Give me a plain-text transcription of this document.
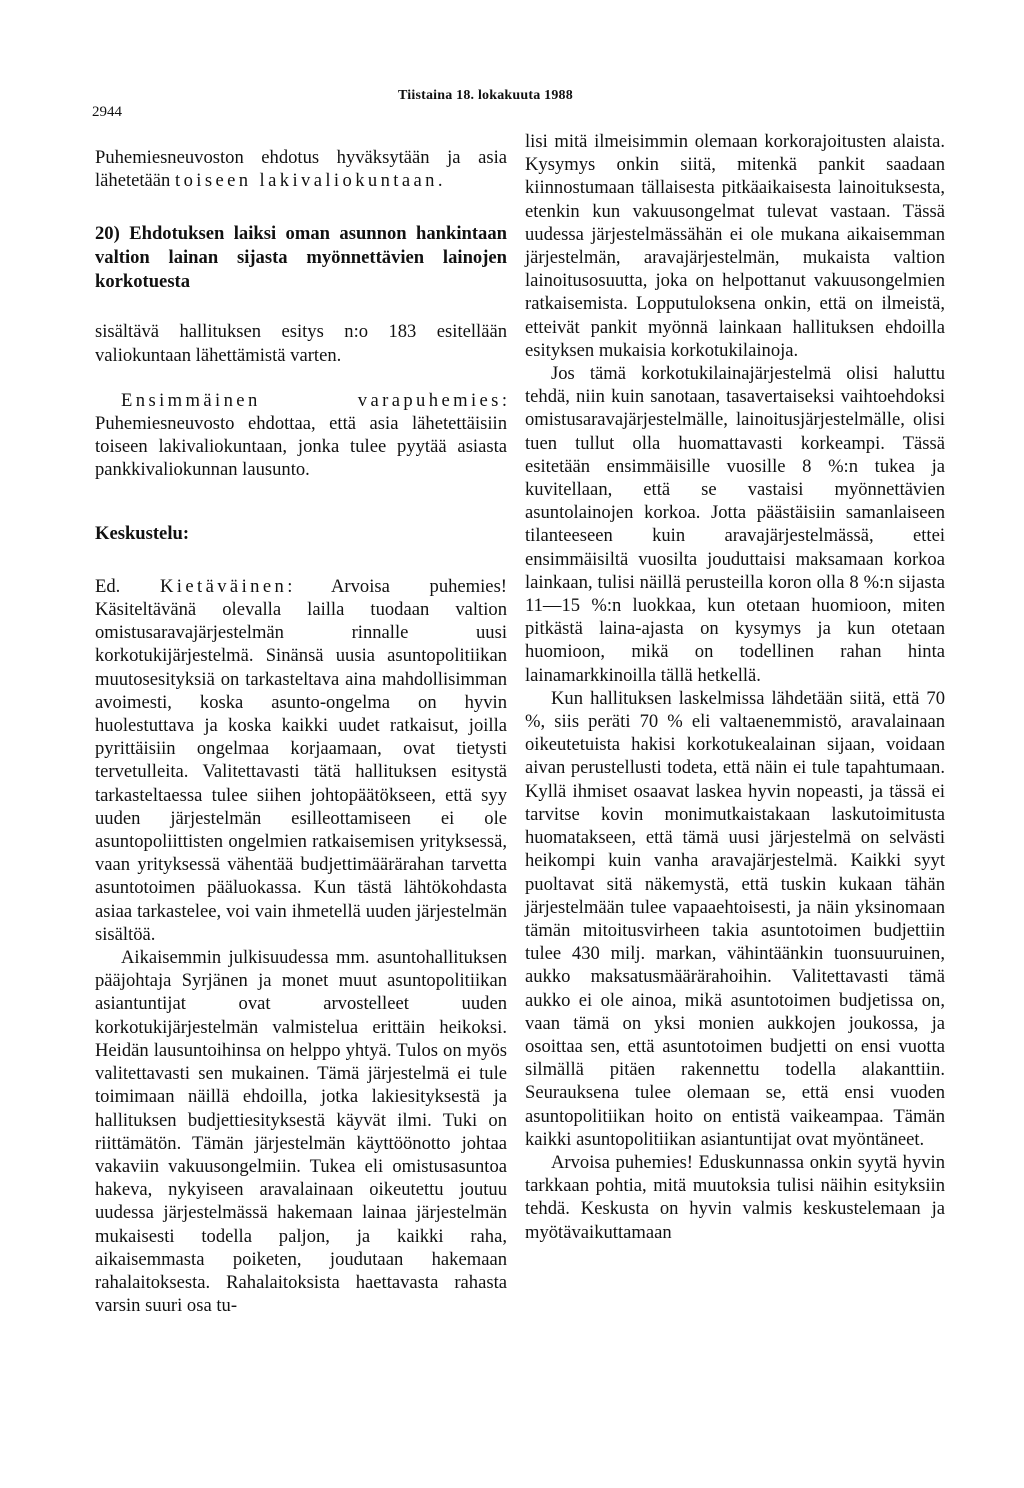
2944
Tiistaina 18. lokakuuta 1988

Puhemiesneuvoston ehdotus hyväksytään ja asia lähetetään toiseen lakivaliokuntaan.

20) Ehdotuksen laiksi oman asunnon hankintaan valtion lainan sijasta myönnettävien lainojen korkotuesta

sisältävä hallituksen esitys n:o 183 esitellään valiokuntaan lähettämistä varten.

Ensimmäinen varapuhemies: Puhemiesneuvosto ehdottaa, että asia lähetettäisiin toiseen lakivaliokuntaan, jonka tulee pyytää asiasta pankkivaliokunnan lausunto.

Keskustelu:

Ed. Kietäväinen: Arvoisa puhemies! Käsiteltävänä olevalla lailla tuodaan valtion omistusaravajärjestelmän rinnalle uusi korkotukijärjestelmä. Sinänsä uusia asuntopolitiikan muutosesityksiä on tarkasteltava aina mahdollisimman avoimesti, koska asunto-ongelma on hyvin huolestuttava ja koska kaikki uudet ratkaisut, joilla pyrittäisiin ongelmaa korjaamaan, ovat tietysti tervetulleita. Valitettavasti tätä hallituksen esitystä tarkasteltaessa tulee siihen johtopäätökseen, että syy uuden järjestelmän esilleottamiseen ei ole asuntopoliittisten ongelmien ratkaisemisen yrityksessä, vaan yrityksessä vähentää budjettimäärärahan tarvetta asuntotoimen pääluokassa. Kun tästä lähtökohdasta asiaa tarkastelee, voi vain ihmetellä uuden järjestelmän sisältöä.

Aikaisemmin julkisuudessa mm. asuntohallituksen pääjohtaja Syrjänen ja monet muut asuntopolitiikan asiantuntijat ovat arvostelleet uuden korkotukijärjestelmän valmistelua erittäin heikoksi. Heidän lausuntoihinsa on helppo yhtyä. Tulos on myös valitettavasti sen mukainen. Tämä järjestelmä ei tule toimimaan näillä ehdoilla, jotka lakiesityksestä ja hallituksen budjettiesityksestä käyvät ilmi. Tuki on riittämätön. Tämän järjestelmän käyttöönotto johtaa vakaviin vakuusongelmiin. Tukea eli omistusasuntoa hakeva, nykyiseen aravalainaan oikeutettu joutuu uudessa järjestelmässä hakemaan lainaa järjestelmän mukaisesti todella paljon, ja kaikki raha, aikaisemmasta poiketen, joudutaan hakemaan rahalaitoksesta. Rahalaitoksista haettavasta rahasta varsin suuri osa tu-

lisi mitä ilmeisimmin olemaan korkorajoitusten alaista. Kysymys onkin siitä, mitenkä pankit saadaan kiinnostumaan tällaisesta pitkäaikaisesta lainoituksesta, etenkin kun vakuusongelmat tulevat vastaan. Tässä uudessa järjestelmässähän ei ole mukana aikaisemman järjestelmän, aravajärjestelmän, mukaista valtion lainoitusosuutta, joka on helpottanut vakuusongelmien ratkaisemista. Lopputuloksena onkin, että on ilmeistä, etteivät pankit myönnä lainkaan hallituksen ehdoilla esityksen mukaisia korkotukilainoja.

Jos tämä korkotukilainajärjestelmä olisi haluttu tehdä, niin kuin sanotaan, tasavertaiseksi vaihtoehdoksi omistusaravajärjestelmälle, lainoitusjärjestelmälle, olisi tuen tullut olla huomattavasti korkeampi. Tässä esitetään ensimmäisille vuosille 8 %:n tukea ja kuvitellaan, että se vastaisi myönnettävien asuntolainojen korkoa. Jotta päästäisiin samanlaiseen tilanteeseen kuin aravajärjestelmässä, ettei ensimmäisiltä vuosilta jouduttaisi maksamaan korkoa lainkaan, tulisi näillä perusteilla koron olla 8 %:n sijasta 11—15 %:n luokkaa, kun otetaan huomioon, miten pitkästä laina-ajasta on kysymys ja kun otetaan huomioon, mikä on todellinen rahan hinta lainamarkkinoilla tällä hetkellä.

Kun hallituksen laskelmissa lähdetään siitä, että 70 %, siis peräti 70 % eli valtaenemmistö, aravalainaan oikeutetuista hakisi korkotukealainan sijaan, voidaan aivan perustellusti todeta, että näin ei tule tapahtumaan. Kyllä ihmiset osaavat laskea hyvin nopeasti, ja tässä ei tarvitse kovin monimutkaistakaan laskutoimitusta huomatakseen, että tämä uusi järjestelmä on selvästi heikompi kuin vanha aravajärjestelmä. Kaikki syyt puoltavat sitä näkemystä, että tuskin kukaan tähän järjestelmään tulee vapaaehtoisesti, ja näin yksinomaan tämän mitoitusvirheen takia asuntotoimen budjettiin tulee 430 milj. markan, vähintäänkin tuonsuuruinen, aukko maksatusmäärärahoihin. Valitettavasti tämä aukko ei ole ainoa, mikä asuntotoimen budjetissa on, vaan tämä on yksi monien aukkojen joukossa, ja osoittaa sen, että asuntotoimen budjetti on ensi vuotta silmällä pitäen rakennettu todella alakanttiin. Seurauksena tulee olemaan se, että ensi vuoden asuntopolitiikan hoito on entistä vaikeampaa. Tämän kaikki asuntopolitiikan asiantuntijat ovat myöntäneet.

Arvoisa puhemies! Eduskunnassa onkin syytä hyvin tarkkaan pohtia, mitä muutoksia tulisi näihin esityksiin tehdä. Keskusta on hyvin valmis keskustelemaan ja myötävaikuttamaan
